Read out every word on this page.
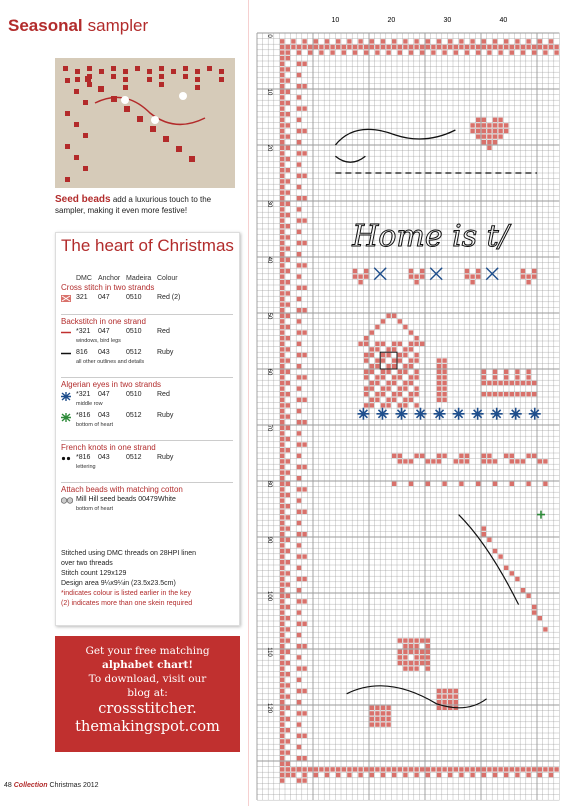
Seasonal sampler
Seed beads add a luxurious touch to the sampler, making it even more festive!
The heart of Christmas
DMC Anchor Madeira Colour
Cross stitch in two strands
321 047 0510 Red (2)
Backstitch in one strand
*321 047 0510 Red
windows, bird legs
816 043 0512 Ruby
all other outlines and details
Algerian eyes in two strands
*321 047 0510 Red
middle row
*816 043 0512 Ruby
bottom of heart
French knots in one strand
*816 043 0512 Ruby
lettering
Attach beads with matching cotton
Mill Hill seed beads 00479 White
bottom of heart
Stitched using DMC threads on 28HPI linen
over two threads
Stitch count 129x129
Design area 9¼x9¼in (23.5x23.5cm)
*indicates colour is listed earlier in the key
(2) indicates more than one skein required
Get your free matching
alphabet chart!
To download, visit our
blog at:
crossstitcher.
themakingspot.com
48 Collection Christmas 2012
10	20	30	40
0
10
20
30
40
50
60
70
80
90
100
110
120
Home is t/
